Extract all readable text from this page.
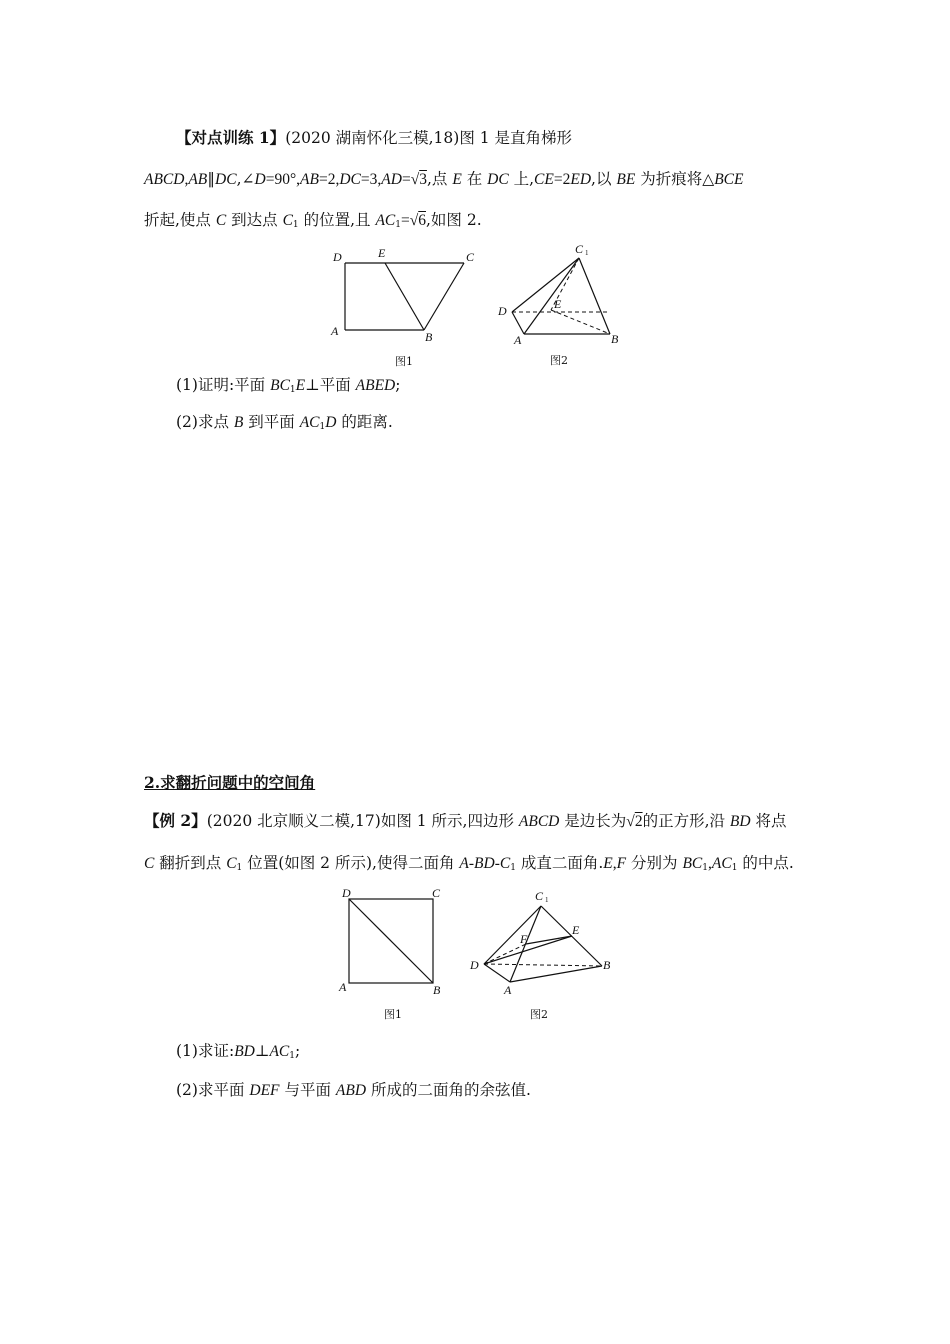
【对点训练 1】(2020 湖南怀化三模,18)图 1 是直角梯形
ABCD,AB∥DC,∠D=90°,AB=2,DC=3,AD=√3,点 E 在 DC 上,CE=2ED,以 BE 为折痕将△BCE
折起,使点 C 到达点 $C_1$ 的位置,且 $AC_1=√6$,如图 2.
D	E	C
A	B
图1
C 1
D	E
A	B
图2
(1)证明:平面 $BC_1E\perp$平面 ABED;
(2)求点 B 到平面 $AC_1D$ 的距离.
2.求翻折问题中的空间角
【例 2】(2020 北京顺义二模,17)如图 1 所示,四边形 ABCD 是边长为√2的正方形,沿 BD 将点
C 翻折到点 $C_1$ 位置(如图 2 所示),使得二面角 $A-BD-C_1$ 成直二面角.E,F 分别为 $BC_1,AC_1$ 的中点.
D	C
A	B
图1
C 1
E
F
D	B
A
图2
(1)求证$:BD\perp AC_1$;
(2)求平面 DEF 与平面 ABD 所成的二面角的余弦值.
